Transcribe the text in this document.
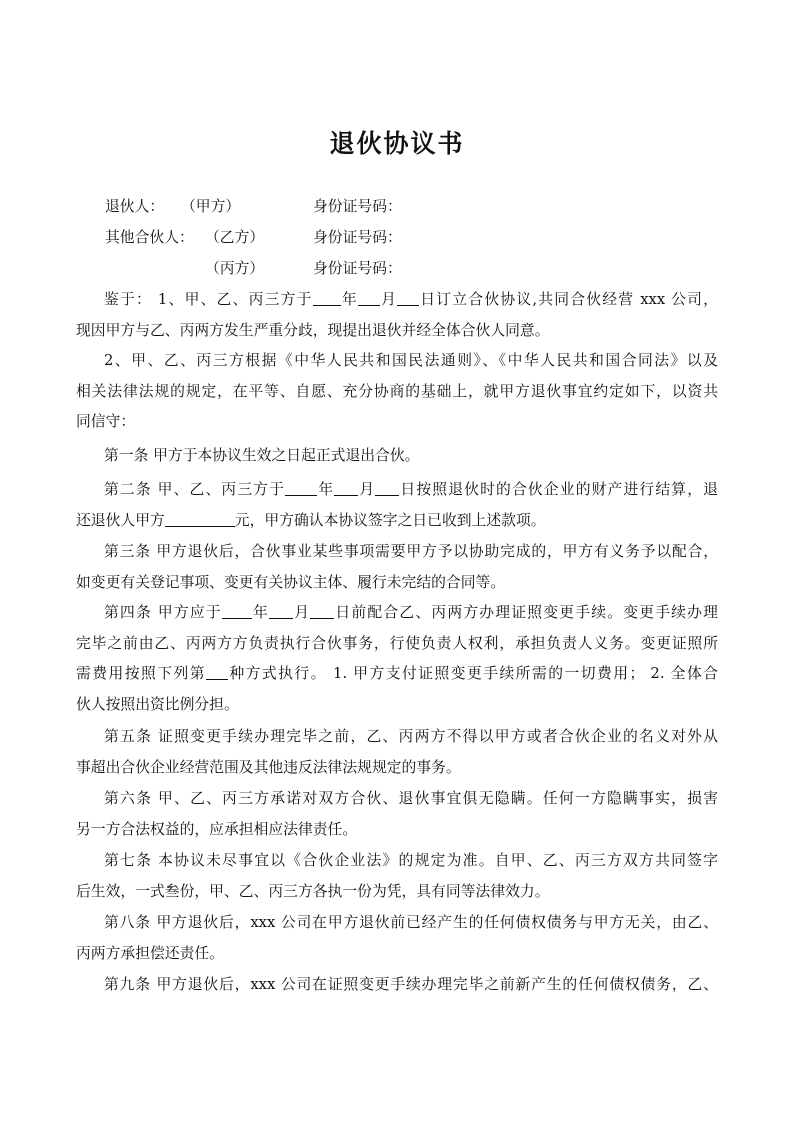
退伙协议书
退伙人： （甲方）	身份证号码：
其他合伙人： （乙方）	身份证号码：
（丙方）	身份证号码：
鉴于： 1、甲、乙、丙三方于 年 月 日订立合伙协议,共同合伙经营 xxx 公司，
现因甲方与乙、丙两方发生严重分歧，现提出退伙并经全体合伙人同意。
2、甲、乙、丙三方根据《中华人民共和国民法通则》、《中华人民共和国合同法》以及
相关法律法规的规定，在平等、自愿、充分协商的基础上，就甲方退伙事宜约定如下，以资共
同信守：
第一条 甲方于本协议生效之日起正式退出合伙。
第二条 甲、乙、丙三方于 年 月 日按照退伙时的合伙企业的财产进行结算，退
还退伙人甲方	元，甲方确认本协议签字之日已收到上述款项。
第三条 甲方退伙后，合伙事业某些事项需要甲方予以协助完成的，甲方有义务予以配合，
如变更有关登记事项、变更有关协议主体、履行未完结的合同等。
第四条 甲方应于 年 月 日前配合乙、丙两方办理证照变更手续。变更手续办理
完毕之前由乙、丙两方方负责执行合伙事务，行使负责人权利，承担负责人义务。变更证照所
需费用按照下列第 种方式执行。 1. 甲方支付证照变更手续所需的一切费用； 2. 全体合
伙人按照出资比例分担。
第五条 证照变更手续办理完毕之前，乙、丙两方不得以甲方或者合伙企业的名义对外从
事超出合伙企业经营范围及其他违反法律法规规定的事务。
第六条 甲、乙、丙三方承诺对双方合伙、退伙事宜俱无隐瞒。任何一方隐瞒事实，损害
另一方合法权益的，应承担相应法律责任。
第七条 本协议未尽事宜以《合伙企业法》的规定为准。自甲、乙、丙三方双方共同签字
后生效，一式叁份，甲、乙、丙三方各执一份为凭，具有同等法律效力。
第八条 甲方退伙后，xxx 公司在甲方退伙前已经产生的任何债权债务与甲方无关，由乙、
丙两方承担偿还责任。
第九条 甲方退伙后，xxx 公司在证照变更手续办理完毕之前新产生的任何债权债务，乙、
